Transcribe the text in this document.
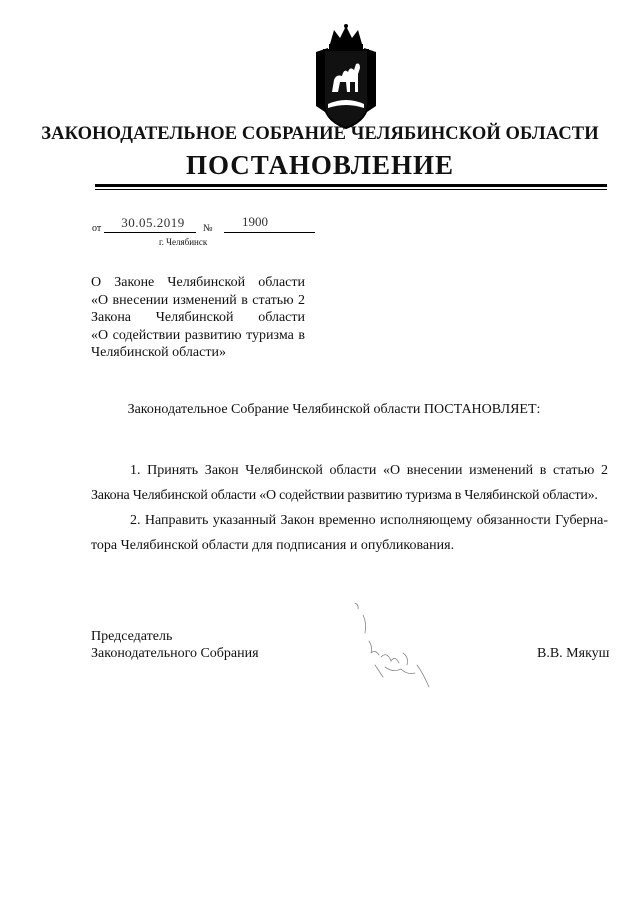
ЗАКОНОДАТЕЛЬНОЕ СОБРАНИЕ ЧЕЛЯБИНСКОЙ ОБЛАСТИ
ПОСТАНОВЛЕНИЕ
от	30.05.2019	№	1900
г. Челябинск
О Законе Челябинской области
«О внесении изменений в статью 2
Закона Челябинской области
«О содействии развитию туризма в
Челябинской области»
Законодательное Собрание Челябинской области ПОСТАНОВЛЯЕТ:
1. Принять Закон Челябинской области «О внесении изменений в статью 2
Закона Челябинской области «О содействии развитию туризма в Челябинской области».
2. Направить указанный Закон временно исполняющему обязанности Губерна-
тора Челябинской области для подписания и опубликования.
Председатель
Законодательного Собрания	В.В. Мякуш
